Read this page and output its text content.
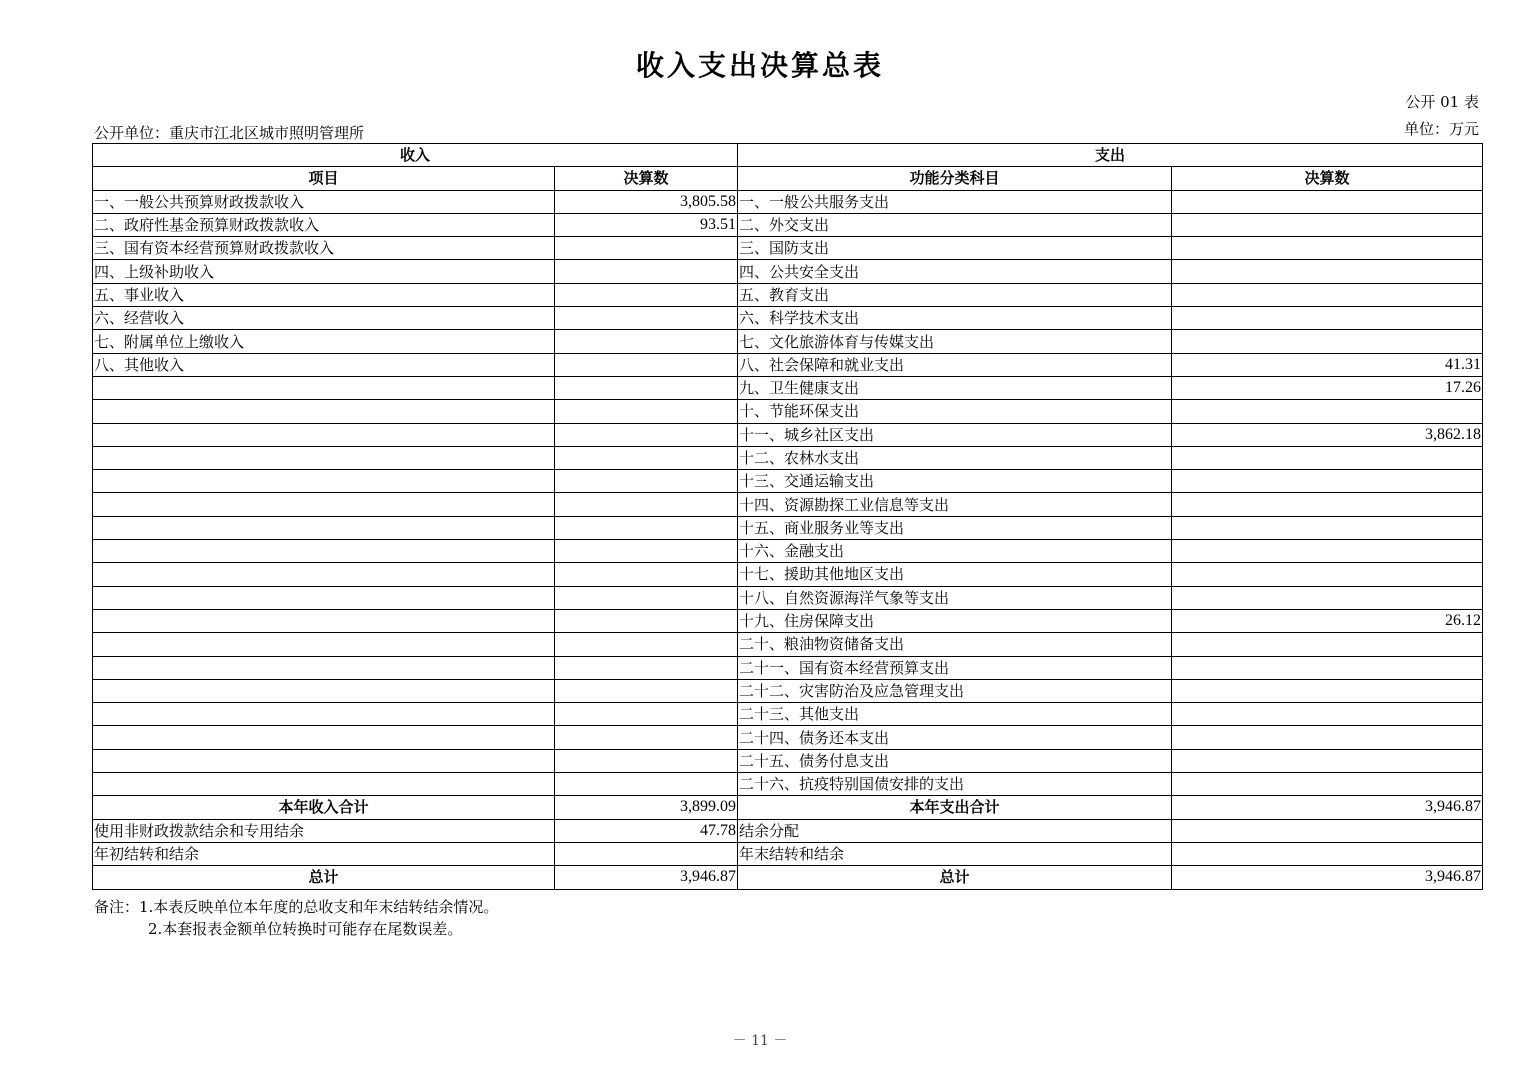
收入支出决算总表
公开 01 表
单位：万元
公开单位：重庆市江北区城市照明管理所
收入		支出	
项目	决算数	功能分类科目	决算数
一、一般公共预算财政拨款收入	3,805.58	一、一般公共服务支出	
二、政府性基金预算财政拨款收入	93.51	二、外交支出	
三、国有资本经营预算财政拨款收入		三、国防支出	
四、上级补助收入		四、公共安全支出	
五、事业收入		五、教育支出	
六、经营收入		六、科学技术支出	
七、附属单位上缴收入		七、文化旅游体育与传媒支出	
八、其他收入		八、社会保障和就业支出	41.31
		九、卫生健康支出	17.26
		十、节能环保支出	
		十一、城乡社区支出	3,862.18
		十二、农林水支出	
		十三、交通运输支出	
		十四、资源勘探工业信息等支出	
		十五、商业服务业等支出	
		十六、金融支出	
		十七、援助其他地区支出	
		十八、自然资源海洋气象等支出	
		十九、住房保障支出	26.12
		二十、粮油物资储备支出	
		二十一、国有资本经营预算支出	
		二十二、灾害防治及应急管理支出	
		二十三、其他支出	
		二十四、债务还本支出	
		二十五、债务付息支出	
		二十六、抗疫特别国债安排的支出	
本年收入合计	3,899.09	本年支出合计	3,946.87
使用非财政拨款结余和专用结余	47.78	结余分配	
年初结转和结余		年末结转和结余	
总计	3,946.87	总计	3,946.87
备注：1.本表反映单位本年度的总收支和年末结转结余情况。
2.本套报表金额单位转换时可能存在尾数误差。
－ 11 －
